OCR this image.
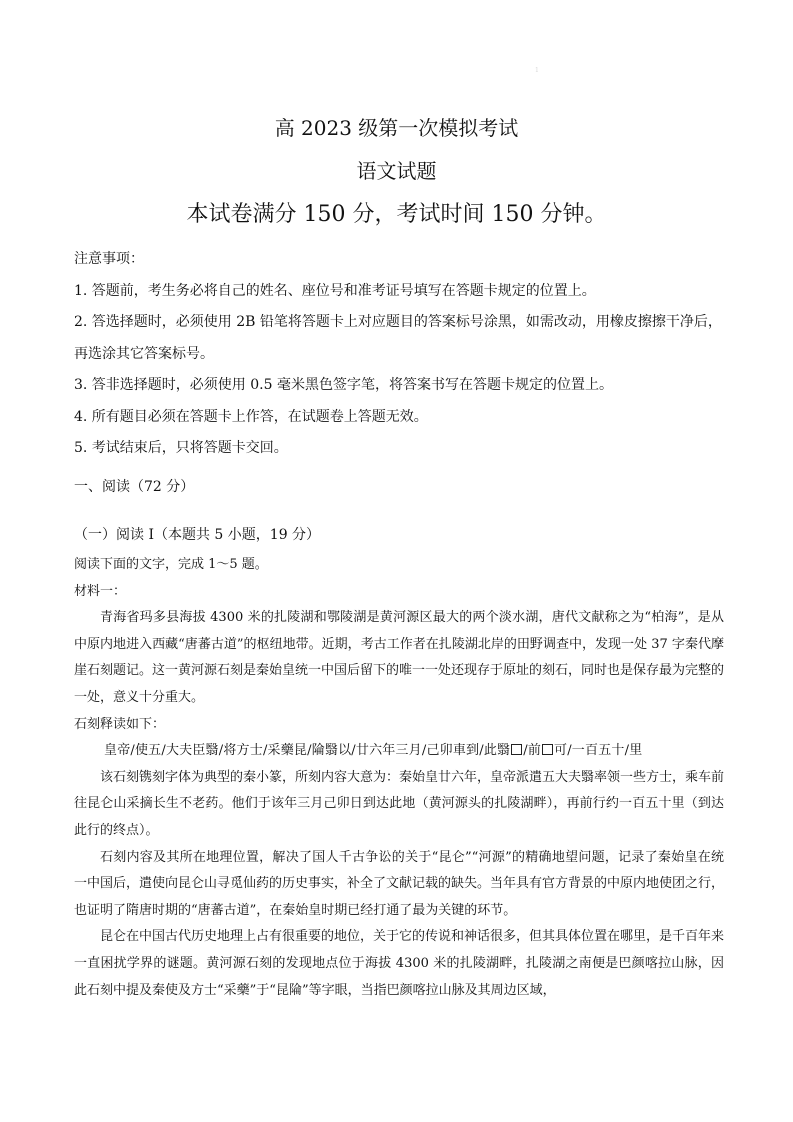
1
高 2023 级第一次模拟考试
语文试题
本试卷满分 150 分，考试时间 150 分钟。

注意事项：

1. 答题前，考生务必将自己的姓名、座位号和准考证号填写在答题卡规定的位置上。

2. 答选择题时，必须使用 2B 铅笔将答题卡上对应题目的答案标号涂黑，如需改动，用橡皮擦擦干净后，再选涂其它答案标号。

3. 答非选择题时，必须使用 0.5 毫米黑色签字笔，将答案书写在答题卡规定的位置上。

4. 所有题目必须在答题卡上作答，在试题卷上答题无效。

5. 考试结束后，只将答题卡交回。

一、阅读（72 分）
（一）阅读 I（本题共 5 小题，19 分）

阅读下面的文字，完成 1～5 题。

材料一：

青海省玛多县海拔 4300 米的扎陵湖和鄂陵湖是黄河源区最大的两个淡水湖，唐代文献称之为“柏海”，是从中原内地进入西藏“唐蕃古道”的枢纽地带。近期，考古工作者在扎陵湖北岸的田野调查中，发现一处 37 字秦代摩崖石刻题记。这一黄河源石刻是秦始皇统一中国后留下的唯一一处还现存于原址的刻石，同时也是保存最为完整的一处，意义十分重大。

石刻释读如下：

皇帝/使五/大夫臣翳/将方士/采藥昆/陯翳以/廿六年三月/己卯車到/此翳 /前 可/一百五十/里

该石刻镌刻字体为典型的秦小篆，所刻内容大意为：秦始皇廿六年，皇帝派遣五大夫翳率领一些方士，乘车前往昆仑山采摘长生不老药。他们于该年三月己卯日到达此地（黄河源头的扎陵湖畔），再前行约一百五十里（到达此行的终点）。

石刻内容及其所在地理位置，解决了国人千古争讼的关于“昆仑”“河源”的精确地望问题，记录了秦始皇在统一中国后，遣使向昆仑山寻觅仙药的历史事实，补全了文献记载的缺失。当年具有官方背景的中原内地使团之行，也证明了隋唐时期的“唐蕃古道”，在秦始皇时期已经打通了最为关键的环节。

昆仑在中国古代历史地理上占有很重要的地位，关于它的传说和神话很多，但其具体位置在哪里，是千百年来一直困扰学界的谜题。黄河源石刻的发现地点位于海拔 4300 米的扎陵湖畔，扎陵湖之南便是巴颜喀拉山脉，因此石刻中提及秦使及方士“采藥”于“昆陯”等字眼，当指巴颜喀拉山脉及其周边区域，
